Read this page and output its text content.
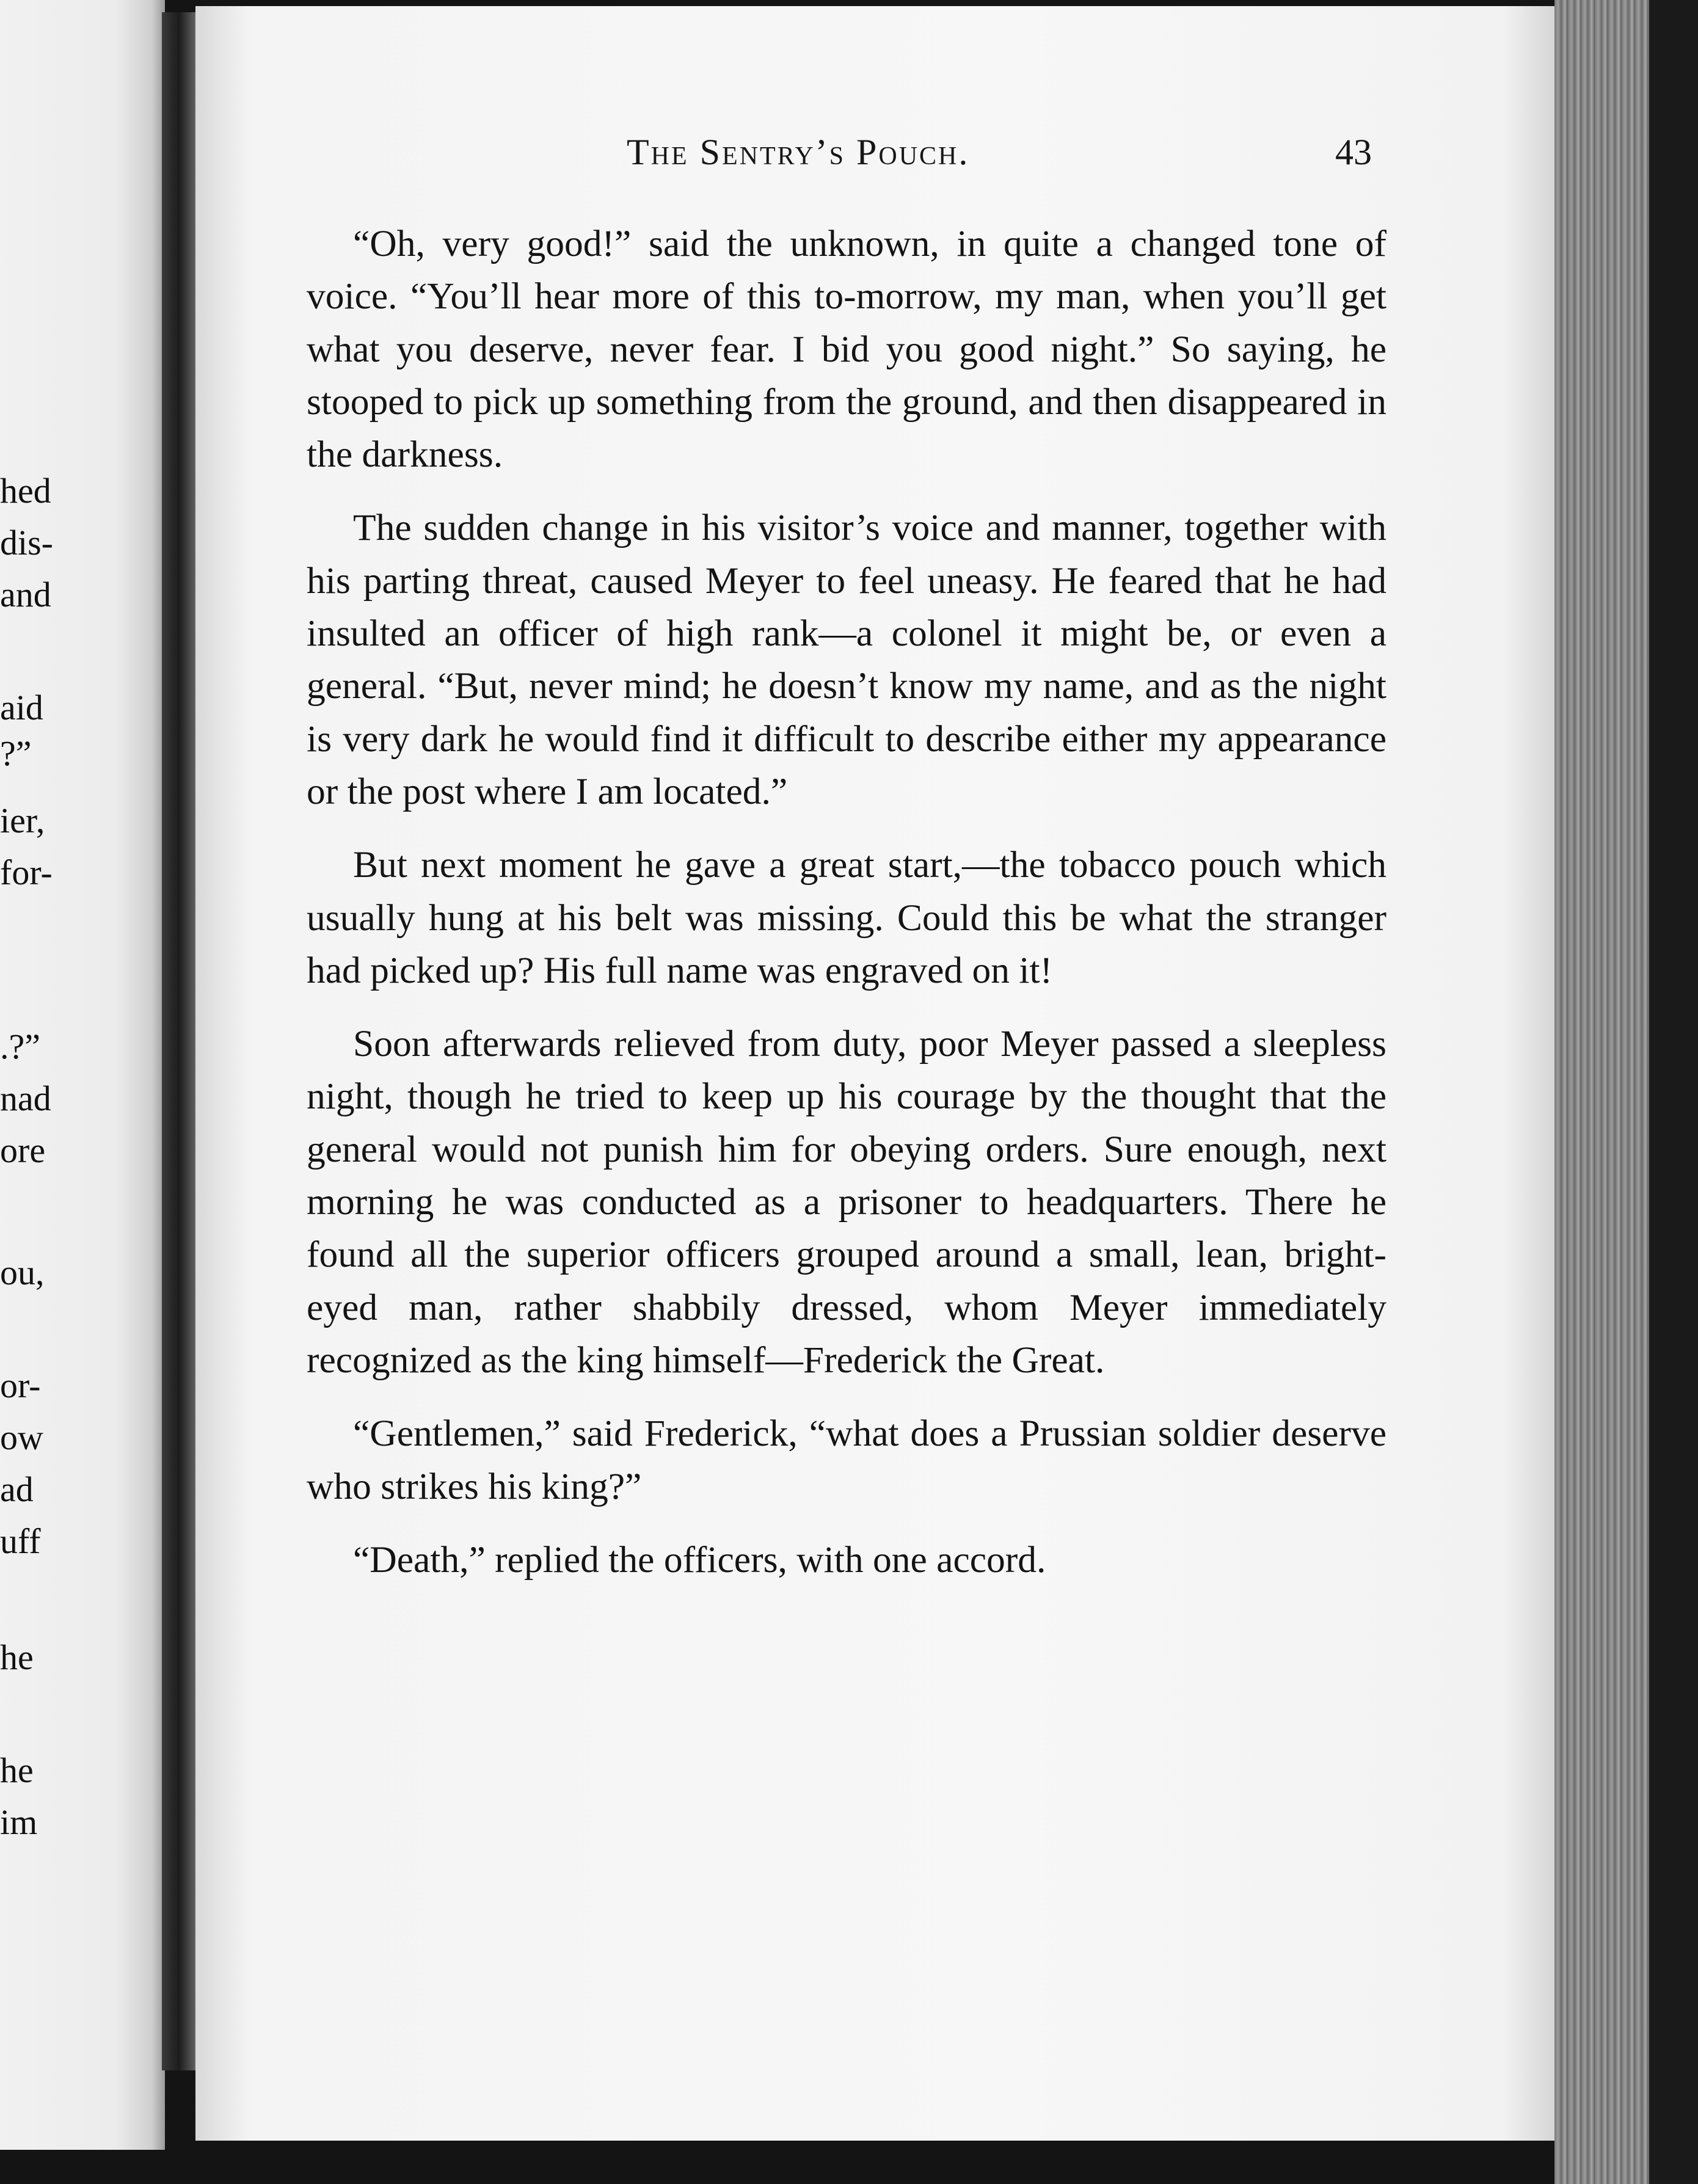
hed
dis-
and
aid
?”
ier,
for-
.?”
nad
ore
ou,
or-
ow
ad
uff
he
he
im
The Sentry’s Pouch.	43

“Oh, very good!” said the unknown, in quite a changed tone of voice. “You’ll hear more of this to-morrow, my man, when you’ll get what you deserve, never fear. I bid you good night.” So saying, he stooped to pick up something from the ground, and then disappeared in the darkness.

The sudden change in his visitor’s voice and manner, together with his parting threat, caused Meyer to feel uneasy. He feared that he had insulted an officer of high rank—a colonel it might be, or even a general. “But, never mind; he doesn’t know my name, and as the night is very dark he would find it difficult to describe either my appearance or the post where I am located.”

But next moment he gave a great start,—the tobacco pouch which usually hung at his belt was missing. Could this be what the stranger had picked up? His full name was engraved on it!

Soon afterwards relieved from duty, poor Meyer passed a sleepless night, though he tried to keep up his courage by the thought that the general would not punish him for obeying orders. Sure enough, next morning he was conducted as a prisoner to headquarters. There he found all the superior officers grouped around a small, lean, bright-eyed man, rather shabbily dressed, whom Meyer immediately recognized as the king himself—Frederick the Great.

“Gentlemen,” said Frederick, “what does a Prussian soldier deserve who strikes his king?”

“Death,” replied the officers, with one accord.
